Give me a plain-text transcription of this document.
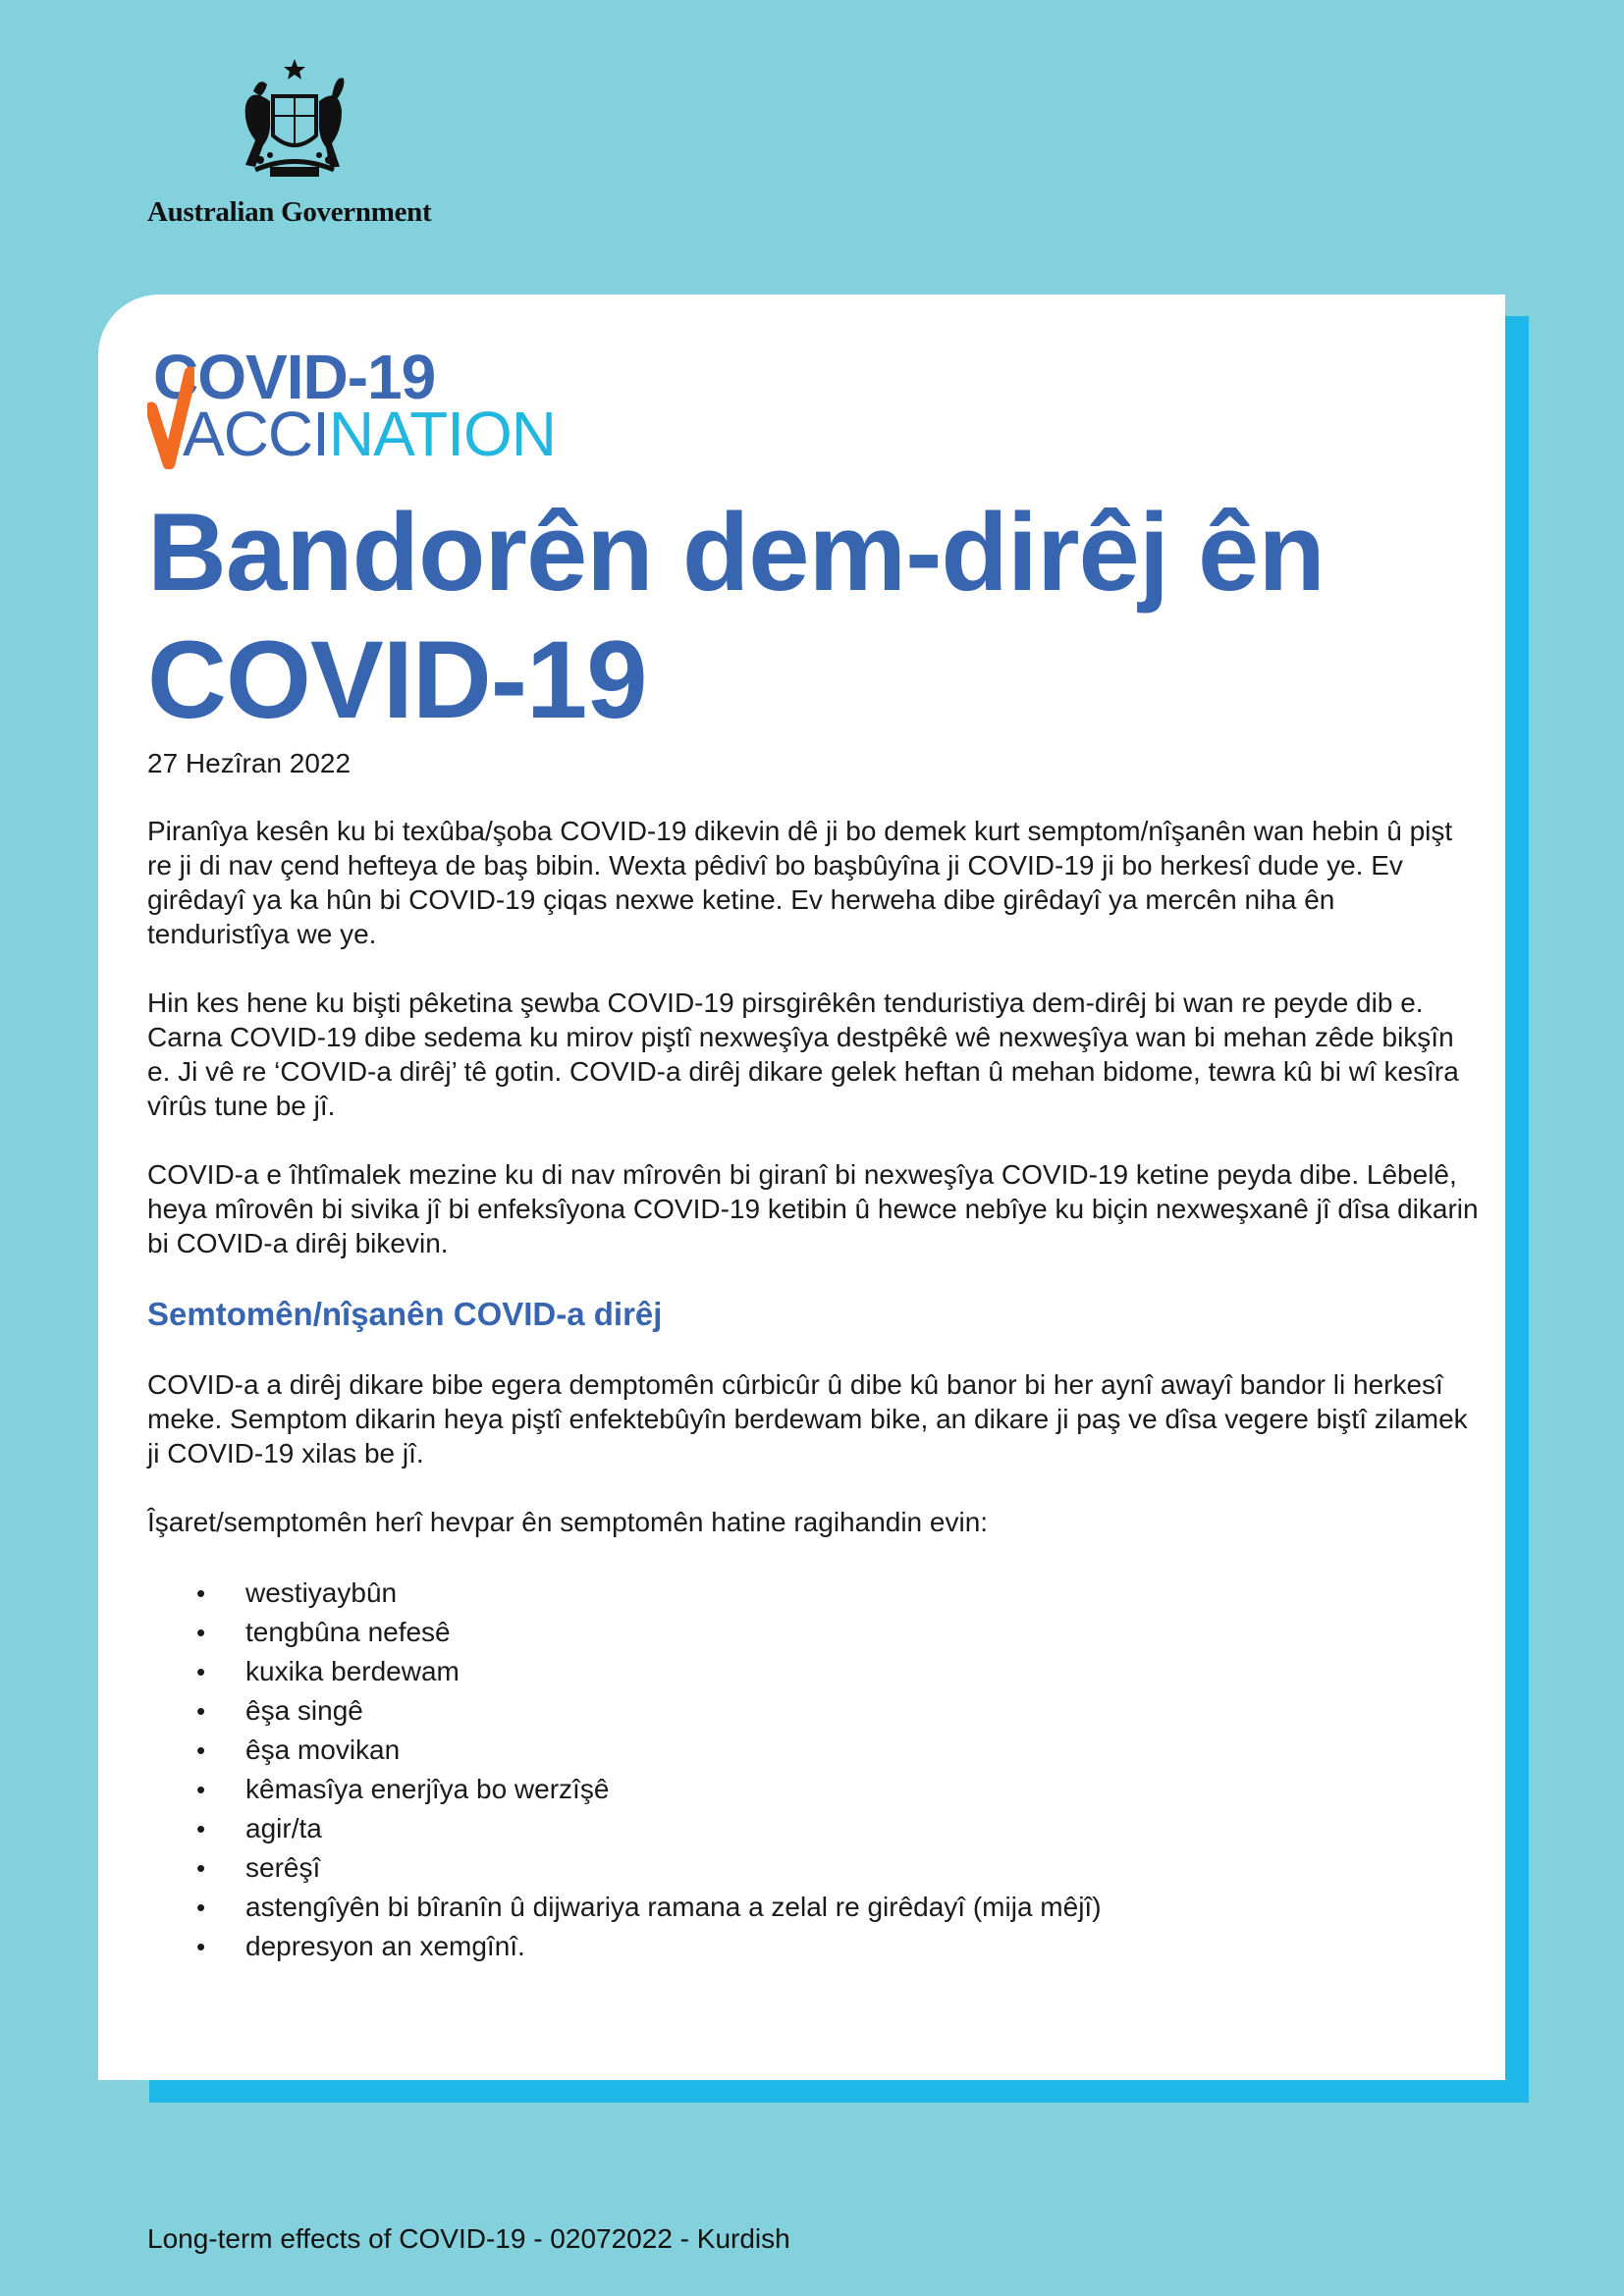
Australian Government
COVID-19
ACCINATION
Bandorên dem-dirêj ên COVID-19

27 Hezîran 2022

Piranîya kesên ku bi texûba/şoba COVID-19 dikevin dê ji bo demek kurt semptom/nîşanên wan hebin û pişt re ji di nav çend hefteya de baş bibin. Wexta pêdivî bo başbûyîna ji COVID-19 ji bo herkesî dude ye. Ev girêdayî ya ka hûn bi COVID-19 çiqas nexwe ketine. Ev herweha dibe girêdayî ya mercên niha ên tenduristîya we ye.

Hin kes hene ku bişti pêketina şewba COVID-19 pirsgirêkên tenduristiya dem-dirêj bi wan re peyde dib e. Carna COVID-19 dibe sedema ku mirov piştî nexweşîya destpêkê wê nexweşîya wan bi mehan zêde bikşîn e. Ji vê re ‘COVID-a dirêj’ tê gotin. COVID-a dirêj dikare gelek heftan û mehan bidome, tewra kû bi wî kesîra vîrûs tune be jî.

COVID-a e îhtîmalek mezine ku di nav mîrovên bi giranî bi nexweşîya COVID-19 ketine peyda dibe. Lêbelê, heya mîrovên bi sivika jî bi enfeksîyona COVID-19 ketibin û hewce nebîye ku biçin nexweşxanê jî dîsa dikarin bi COVID-a dirêj bikevin.

Semtomên/nîşanên COVID-a dirêj

COVID-a a dirêj dikare bibe egera demptomên cûrbicûr û dibe kû banor bi her aynî awayî bandor li herkesî meke. Semptom dikarin heya piştî enfektebûyîn berdewam bike, an dikare ji paş ve dîsa vegere biştî zilamek ji COVID-19 xilas be jî.

Îşaret/semptomên herî hevpar ên semptomên hatine ragihandin evin:

• westiyaybûn
• tengbûna nefesê
• kuxika berdewam
• êşa singê
• êşa movikan
• kêmasîya enerjîya bo werzîşê
• agir/ta
• serêşî
• astengîyên bi bîranîn û dijwariya ramana a zelal re girêdayî (mija mêjî)
• depresyon an xemgînî.
Long-term effects of COVID-19 - 02072022 - Kurdish
